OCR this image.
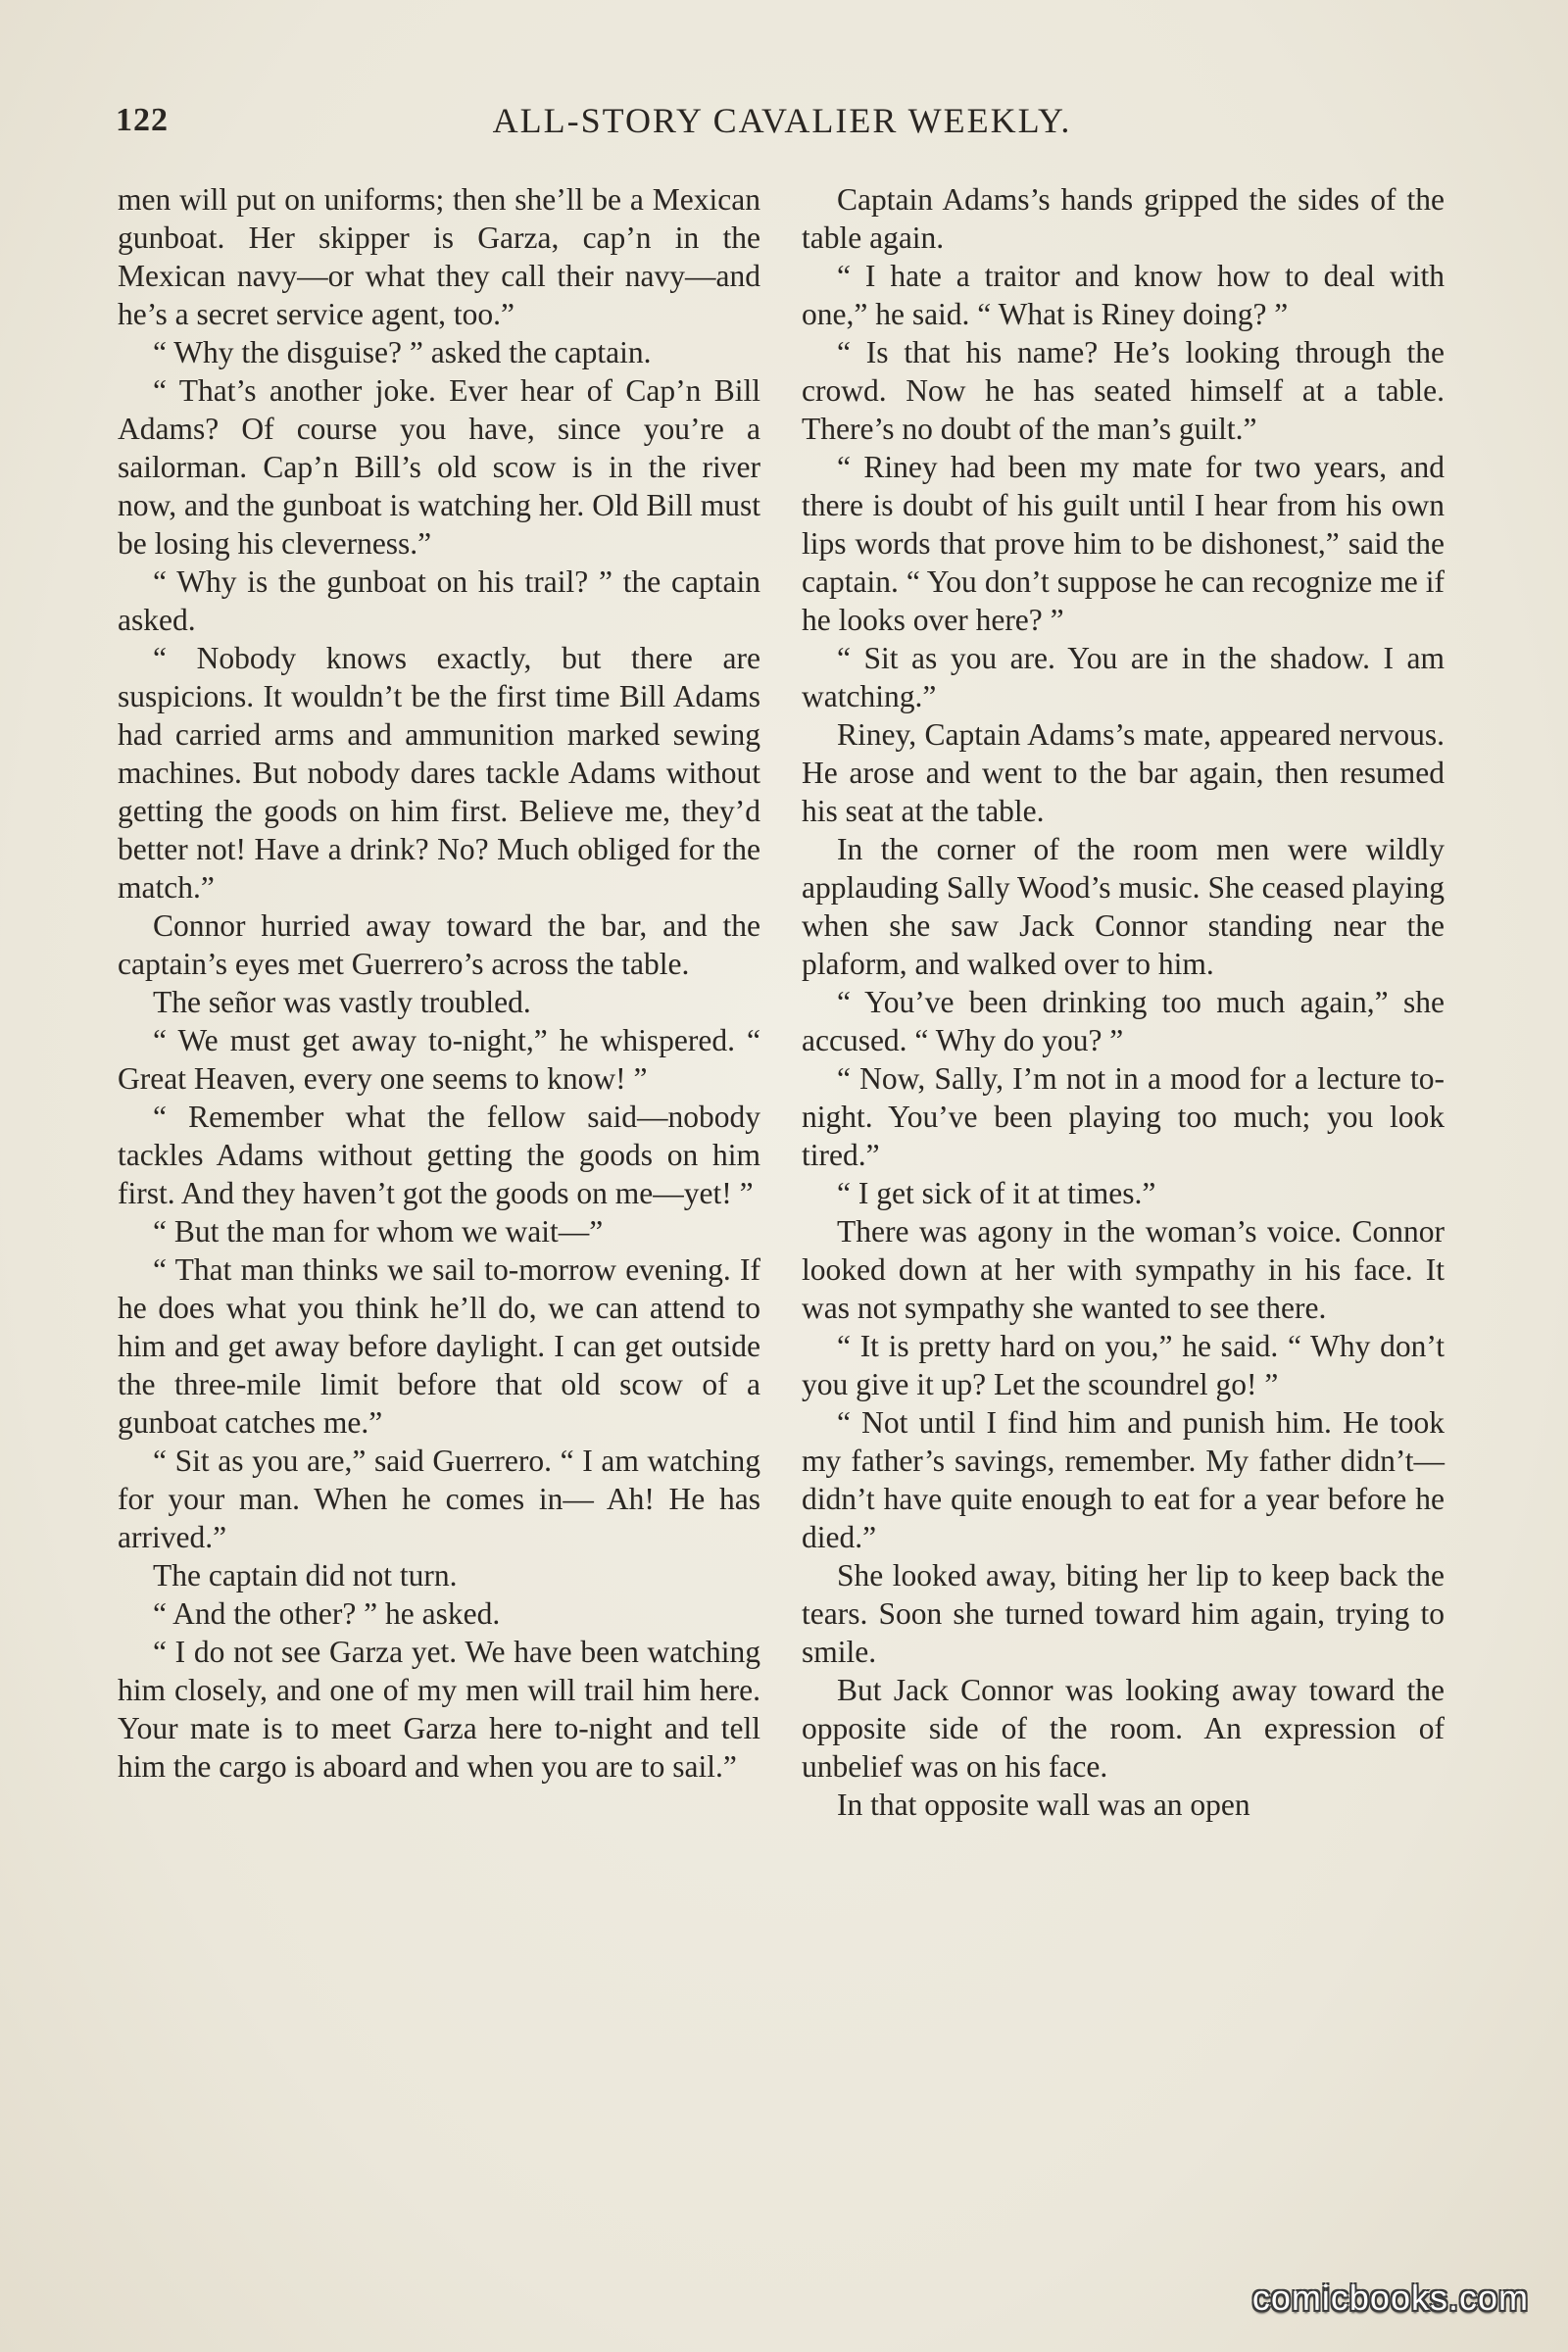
122	ALL-STORY CAVALIER WEEKLY.

men will put on uniforms; then she’ll be a Mexican gunboat. Her skipper is Garza, cap’n in the Mexican navy—or what they call their navy—and he’s a secret service agent, too.”

“ Why the disguise? ” asked the captain.

“ That’s another joke. Ever hear of Cap’n Bill Adams? Of course you have, since you’re a sailorman. Cap’n Bill’s old scow is in the river now, and the gunboat is watching her. Old Bill must be losing his cleverness.”

“ Why is the gunboat on his trail? ” the captain asked.

“ Nobody knows exactly, but there are suspicions. It wouldn’t be the first time Bill Adams had carried arms and ammunition marked sewing machines. But nobody dares tackle Adams without getting the goods on him first. Believe me, they’d better not! Have a drink? No? Much obliged for the match.”

Connor hurried away toward the bar, and the captain’s eyes met Guerrero’s across the table.

The señor was vastly troubled.

“ We must get away to-night,” he whispered. “ Great Heaven, every one seems to know! ”

“ Remember what the fellow said—nobody tackles Adams without getting the goods on him first. And they haven’t got the goods on me—yet! ”

“ But the man for whom we wait—”

“ That man thinks we sail to-morrow evening. If he does what you think he’ll do, we can attend to him and get away before daylight. I can get outside the three-mile limit before that old scow of a gunboat catches me.”

“ Sit as you are,” said Guerrero. “ I am watching for your man. When he comes in— Ah! He has arrived.”

The captain did not turn.

“ And the other? ” he asked.

“ I do not see Garza yet. We have been watching him closely, and one of my men will trail him here. Your mate is to meet Garza here to-night and tell him the cargo is aboard and when you are to sail.”

Captain Adams’s hands gripped the sides of the table again.

“ I hate a traitor and know how to deal with one,” he said. “ What is Riney doing? ”

“ Is that his name? He’s looking through the crowd. Now he has seated himself at a table. There’s no doubt of the man’s guilt.”

“ Riney had been my mate for two years, and there is doubt of his guilt until I hear from his own lips words that prove him to be dishonest,” said the captain. “ You don’t suppose he can recognize me if he looks over here? ”

“ Sit as you are. You are in the shadow. I am watching.”

Riney, Captain Adams’s mate, appeared nervous. He arose and went to the bar again, then resumed his seat at the table.

In the corner of the room men were wildly applauding Sally Wood’s music. She ceased playing when she saw Jack Connor standing near the plaform, and walked over to him.

“ You’ve been drinking too much again,” she accused. “ Why do you? ”

“ Now, Sally, I’m not in a mood for a lecture to-night. You’ve been playing too much; you look tired.”

“ I get sick of it at times.”

There was agony in the woman’s voice. Connor looked down at her with sympathy in his face. It was not sympathy she wanted to see there.

“ It is pretty hard on you,” he said. “ Why don’t you give it up? Let the scoundrel go! ”

“ Not until I find him and punish him. He took my father’s savings, remember. My father didn’t—didn’t have quite enough to eat for a year before he died.”

She looked away, biting her lip to keep back the tears. Soon she turned toward him again, trying to smile.

But Jack Connor was looking away toward the opposite side of the room. An expression of unbelief was on his face.

In that opposite wall was an open

comicbooks.com
